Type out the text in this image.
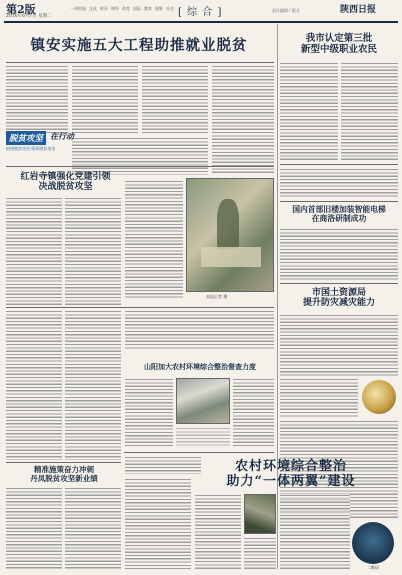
第2版
2016年6月7日 星期二
一周时闻 文化 时评 财经 体育 国际 教育 视野 社会 [ 综 合 ]	责任编辑 / 版式	陕西日报
镇安实施五大工程助推就业脱贫
脱贫攻坚 在行动
围绕脱贫攻坚 服务脱贫攻坚
我市认定第三批
新型中级职业农民
红岩寺镇强化党建引领
决战脱贫攻坚
本报记者 摄
国内首部旧楼加装智能电梯
在商洛研制成功
市国土资源局
提升防灾减灾能力
山阳加大农村环境综合整治督查力度
精准施策奋力冲刺
丹凤脱贫攻坚新业绩
农村环境综合整治
助力“一体两翼”建设
二维码
